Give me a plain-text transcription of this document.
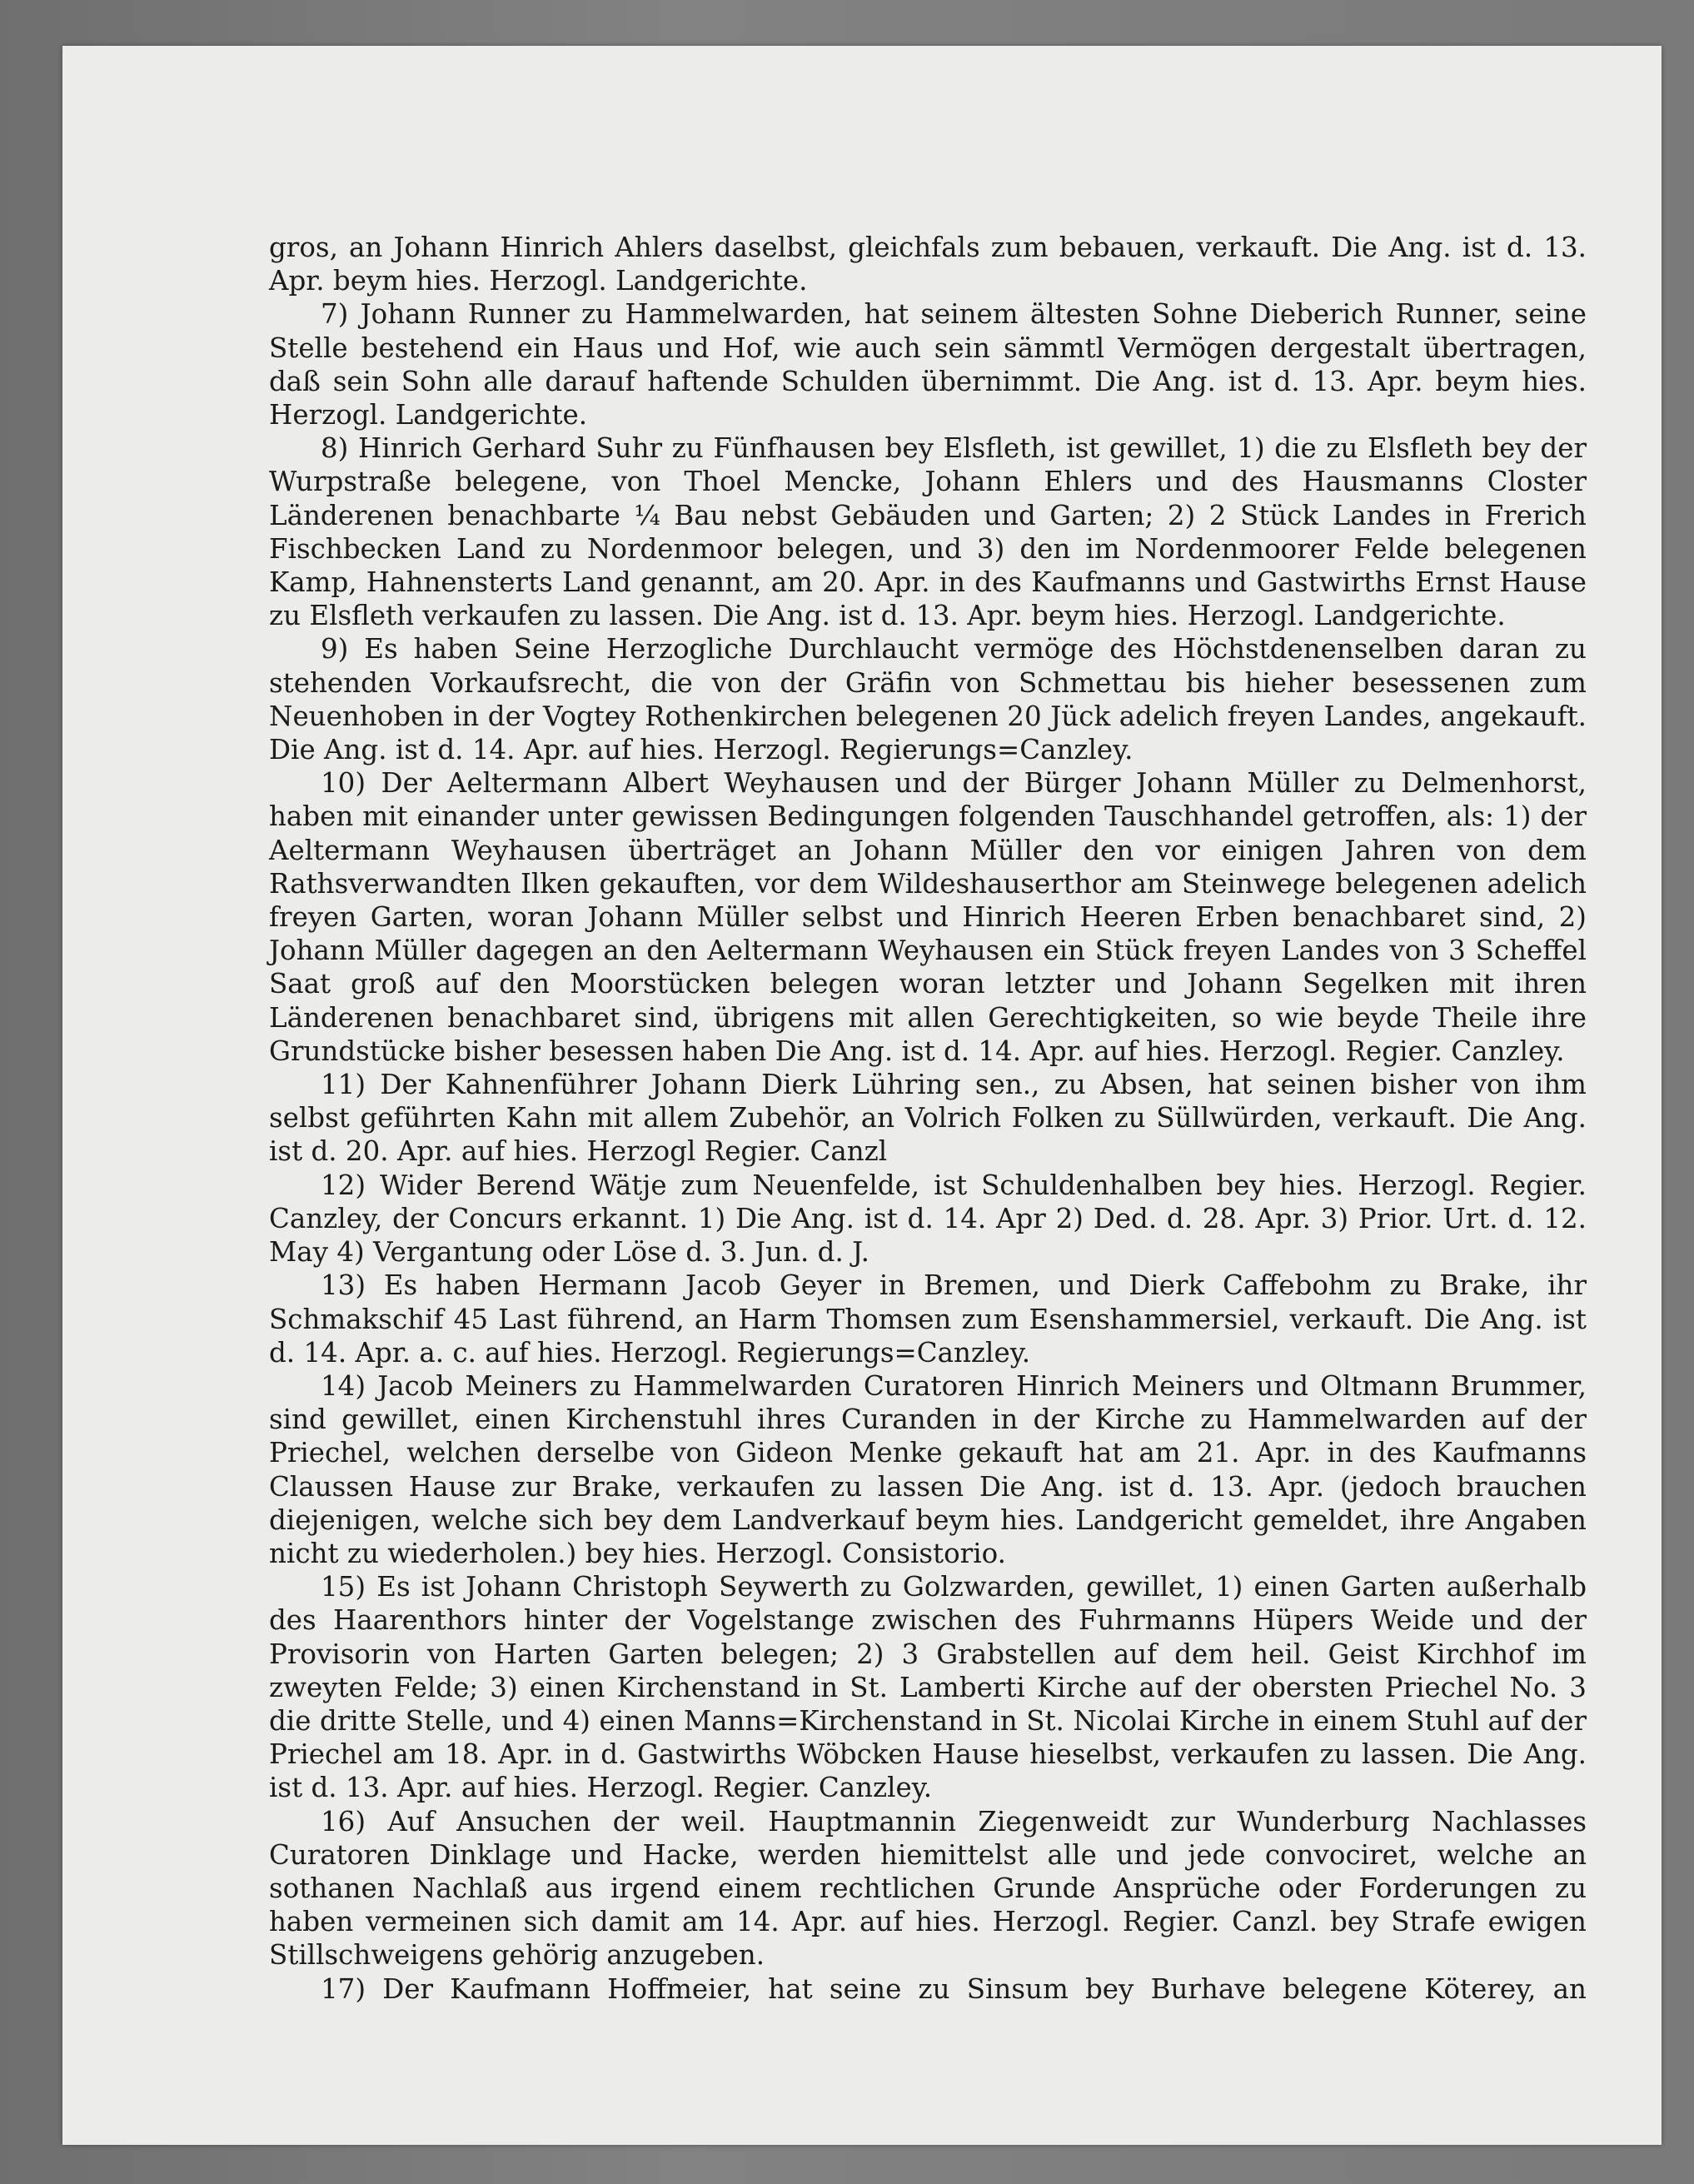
gros, an Johann Hinrich Ahlers daselbst, gleichfals zum bebauen, verkauft. Die Ang. ist d. 13. Apr. beym hies. Herzogl. Landgerichte.

7) Johann Runner zu Hammelwarden, hat seinem ältesten Sohne Dieberich Runner, seine Stelle bestehend ein Haus und Hof, wie auch sein sämmtl Vermögen dergestalt übertragen, daß sein Sohn alle darauf haftende Schulden übernimmt. Die Ang. ist d. 13. Apr. beym hies. Herzogl. Landgerichte.

8) Hinrich Gerhard Suhr zu Fünfhausen bey Elsfleth, ist gewillet, 1) die zu Elsfleth bey der Wurpstraße belegene, von Thoel Mencke, Johann Ehlers und des Hausmanns Closter Länderenen benachbarte ¼ Bau nebst Gebäuden und Garten; 2) 2 Stück Landes in Frerich Fischbecken Land zu Nordenmoor belegen, und 3) den im Nordenmoorer Felde belegenen Kamp, Hahnensterts Land genannt, am 20. Apr. in des Kaufmanns und Gastwirths Ernst Hause zu Elsfleth verkaufen zu lassen. Die Ang. ist d. 13. Apr. beym hies. Herzogl. Landgerichte.

9) Es haben Seine Herzogliche Durchlaucht vermöge des Höchstdenenselben daran zu stehenden Vorkaufsrecht, die von der Gräfin von Schmettau bis hieher besessenen zum Neuenhoben in der Vogtey Rothenkirchen belegenen 20 Jück adelich freyen Landes, angekauft. Die Ang. ist d. 14. Apr. auf hies. Herzogl. Regierungs=Canzley.

10) Der Aeltermann Albert Weyhausen und der Bürger Johann Müller zu Delmenhorst, haben mit einander unter gewissen Bedingungen folgenden Tauschhandel getroffen, als: 1) der Aeltermann Weyhausen überträget an Johann Müller den vor einigen Jahren von dem Rathsverwandten Ilken gekauften, vor dem Wildeshauserthor am Steinwege belegenen adelich freyen Garten, woran Johann Müller selbst und Hinrich Heeren Erben benachbaret sind, 2) Johann Müller dagegen an den Aeltermann Weyhausen ein Stück freyen Landes von 3 Scheffel Saat groß auf den Moorstücken belegen woran letzter und Johann Segelken mit ihren Länderenen benachbaret sind, übrigens mit allen Gerechtigkeiten, so wie beyde Theile ihre Grundstücke bisher besessen haben Die Ang. ist d. 14. Apr. auf hies. Herzogl. Regier. Canzley.

11) Der Kahnenführer Johann Dierk Lühring sen., zu Absen, hat seinen bisher von ihm selbst geführten Kahn mit allem Zubehör, an Volrich Folken zu Süllwürden, verkauft. Die Ang. ist d. 20. Apr. auf hies. Herzogl Regier. Canzl

12) Wider Berend Wätje zum Neuenfelde, ist Schuldenhalben bey hies. Herzogl. Regier. Canzley, der Concurs erkannt. 1) Die Ang. ist d. 14. Apr 2) Ded. d. 28. Apr. 3) Prior. Urt. d. 12. May 4) Vergantung oder Löse d. 3. Jun. d. J.

13) Es haben Hermann Jacob Geyer in Bremen, und Dierk Caffebohm zu Brake, ihr Schmakschif 45 Last führend, an Harm Thomsen zum Esenshammersiel, verkauft. Die Ang. ist d. 14. Apr. a. c. auf hies. Herzogl. Regierungs=Canzley.

14) Jacob Meiners zu Hammelwarden Curatoren Hinrich Meiners und Oltmann Brummer, sind gewillet, einen Kirchenstuhl ihres Curanden in der Kirche zu Hammelwarden auf der Priechel, welchen derselbe von Gideon Menke gekauft hat am 21. Apr. in des Kaufmanns Claussen Hause zur Brake, verkaufen zu lassen Die Ang. ist d. 13. Apr. (jedoch brauchen diejenigen, welche sich bey dem Landverkauf beym hies. Landgericht gemeldet, ihre Angaben nicht zu wiederholen.) bey hies. Herzogl. Consistorio.

15) Es ist Johann Christoph Seywerth zu Golzwarden, gewillet, 1) einen Garten außerhalb des Haarenthors hinter der Vogelstange zwischen des Fuhrmanns Hüpers Weide und der Provisorin von Harten Garten belegen; 2) 3 Grabstellen auf dem heil. Geist Kirchhof im zweyten Felde; 3) einen Kirchenstand in St. Lamberti Kirche auf der obersten Priechel No. 3 die dritte Stelle, und 4) einen Manns=Kirchenstand in St. Nicolai Kirche in einem Stuhl auf der Priechel am 18. Apr. in d. Gastwirths Wöbcken Hause hieselbst, verkaufen zu lassen. Die Ang. ist d. 13. Apr. auf hies. Herzogl. Regier. Canzley.

16) Auf Ansuchen der weil. Hauptmannin Ziegenweidt zur Wunderburg Nachlasses Curatoren Dinklage und Hacke, werden hiemittelst alle und jede convociret, welche an sothanen Nachlaß aus irgend einem rechtlichen Grunde Ansprüche oder Forderungen zu haben vermeinen sich damit am 14. Apr. auf hies. Herzogl. Regier. Canzl. bey Strafe ewigen Stillschweigens gehörig anzugeben.

17) Der Kaufmann Hoffmeier, hat seine zu Sinsum bey Burhave belegene Köterey, an
